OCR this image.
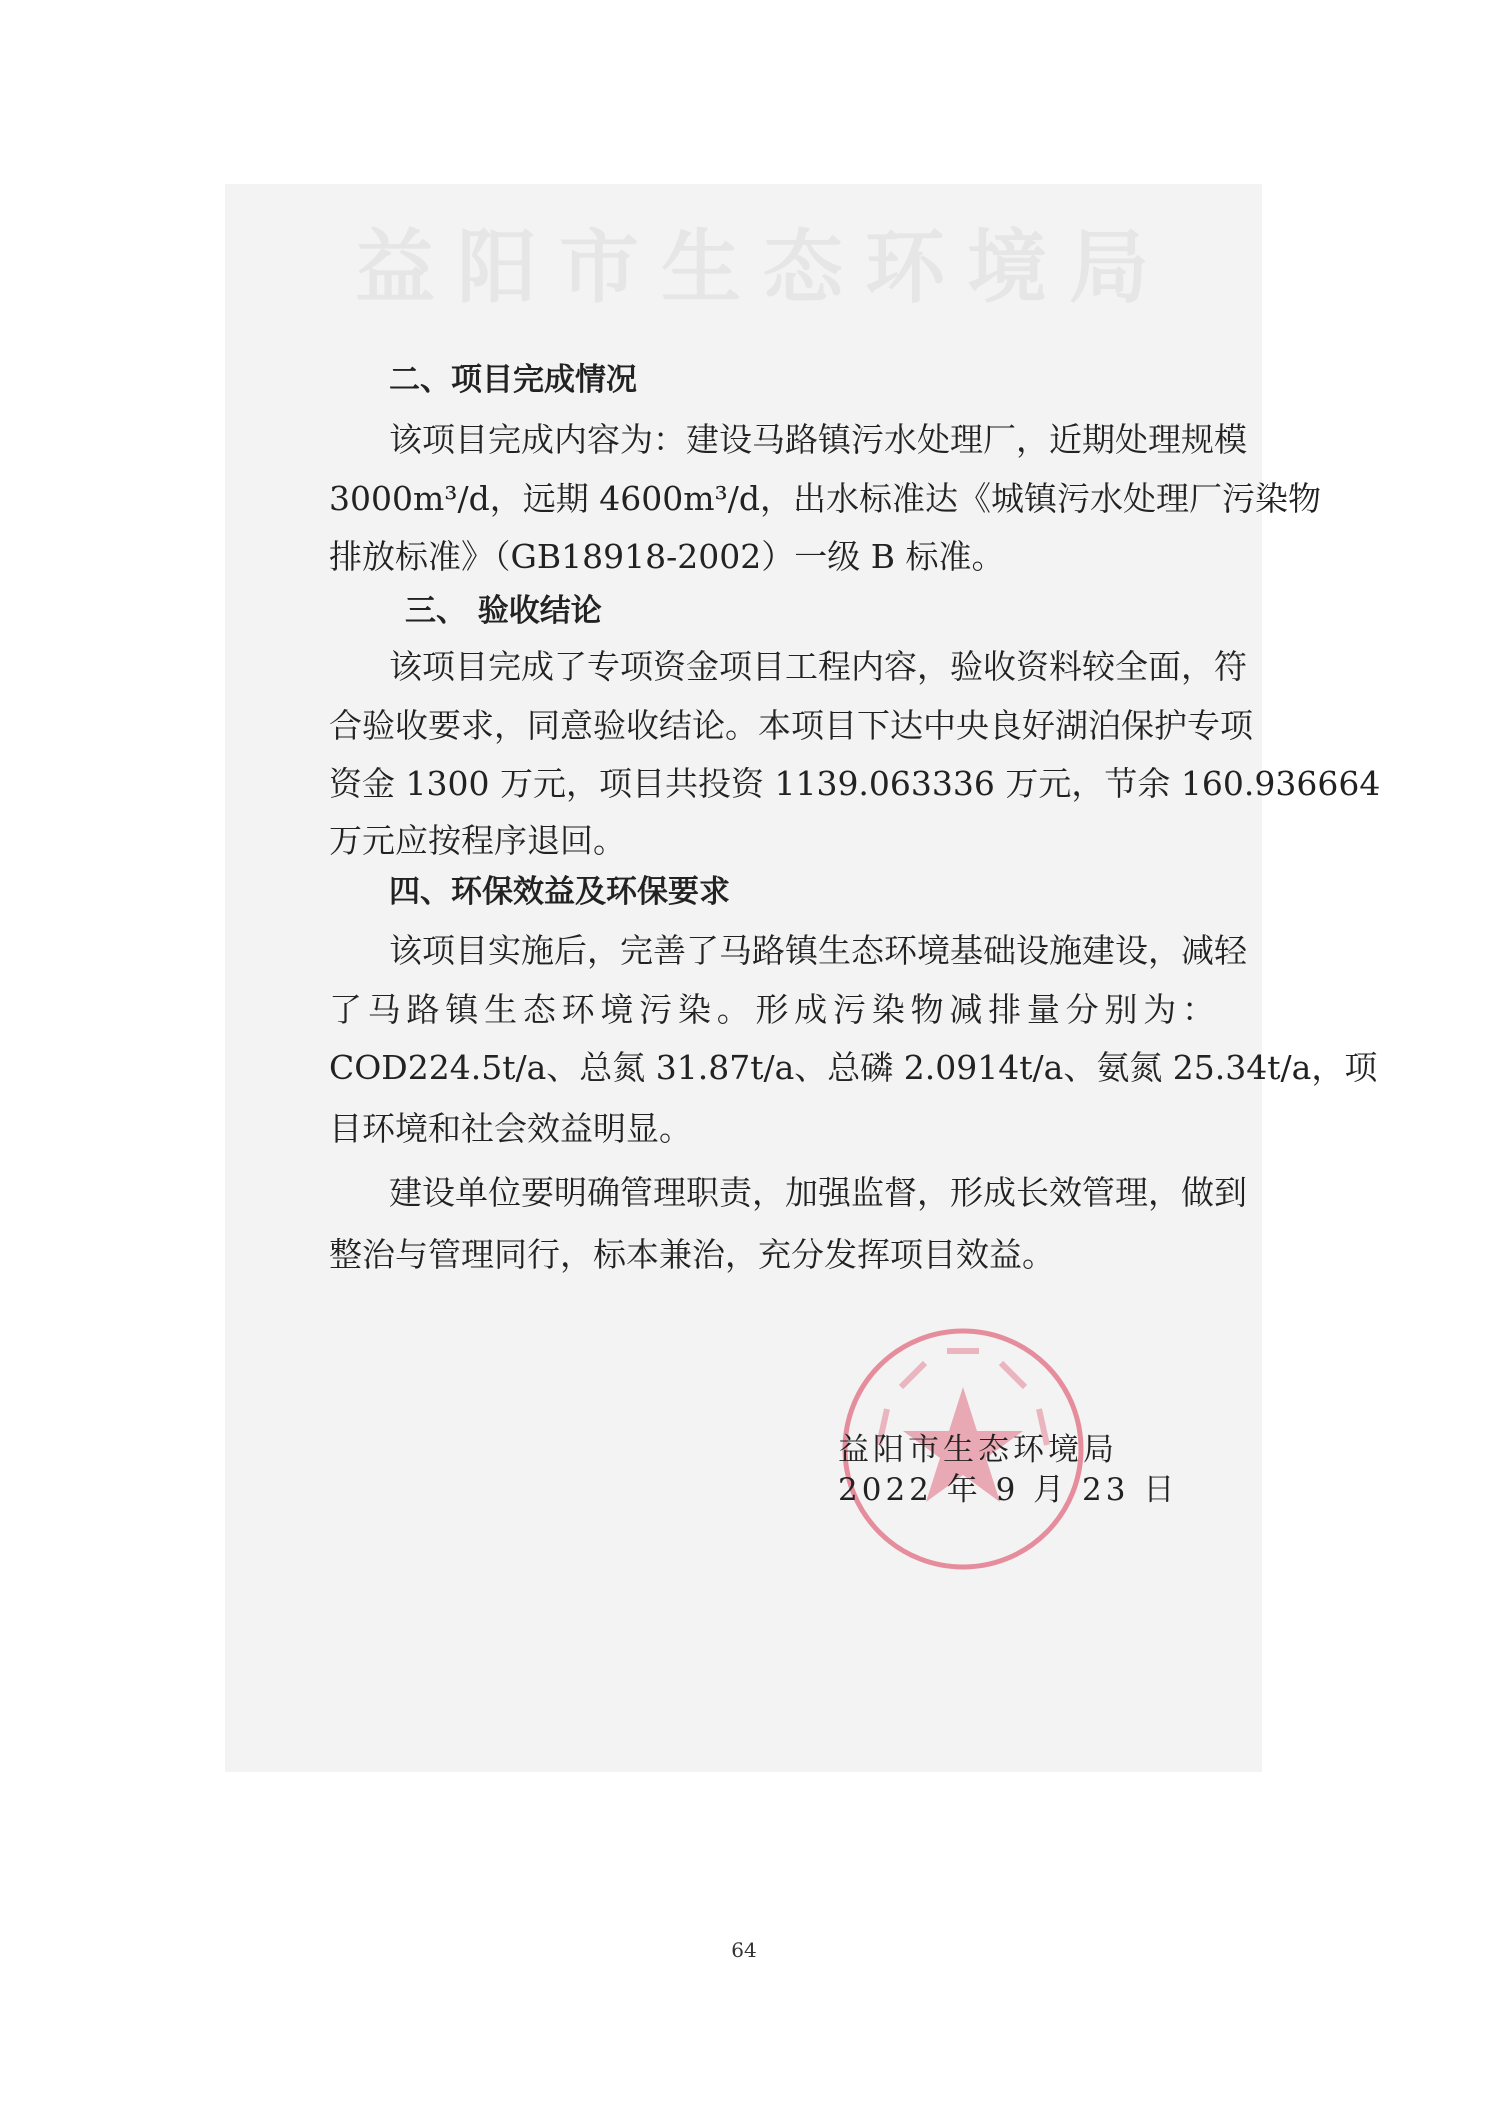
益阳市生态环境局
二、项目完成情况
该项目完成内容为：建设马路镇污水处理厂，近期处理规模
3000m³/d，远期 4600m³/d，出水标准达《城镇污水处理厂污染物
排放标准》（GB18918-2002）一级 B 标准。
三、 验收结论
该项目完成了专项资金项目工程内容，验收资料较全面，符
合验收要求，同意验收结论。本项目下达中央良好湖泊保护专项
资金 1300 万元，项目共投资 1139.063336 万元，节余 160.936664
万元应按程序退回。
四、环保效益及环保要求
该项目实施后，完善了马路镇生态环境基础设施建设，减轻
了马路镇生态环境污染。形成污染物减排量分别为：
COD224.5t/a、总氮 31.87t/a、总磷 2.0914t/a、氨氮 25.34t/a，项
目环境和社会效益明显。
建设单位要明确管理职责，加强监督，形成长效管理，做到
整治与管理同行，标本兼治，充分发挥项目效益。
益阳市生态环境局
2022 年 9 月 23 日
64
